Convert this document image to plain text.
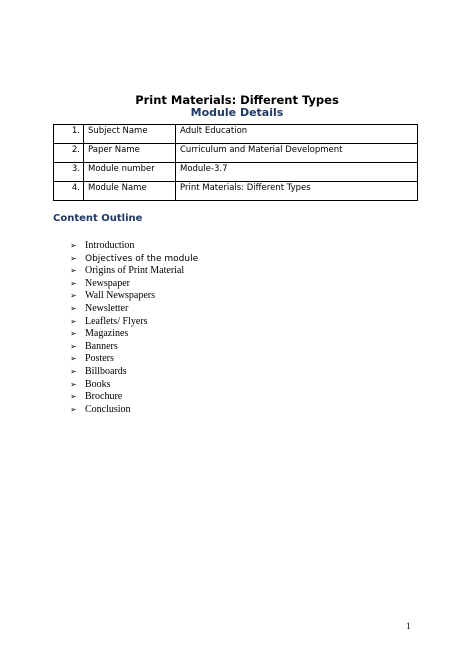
Print Materials: Different Types
Module Details
1.	Subject Name	Adult Education
2.	Paper Name	Curriculum and Material Development
3.	Module number	Module-3.7
4.	Module Name	Print Materials: Different Types
Content Outline
➢ Introduction
➢ Objectives of the module
➢ Origins of Print Material
➢ Newspaper
➢ Wall Newspapers
➢ Newsletter
➢ Leaflets/ Flyers
➢ Magazines
➢ Banners
➢ Posters
➢ Billboards
➢ Books
➢ Brochure
➢ Conclusion
1
